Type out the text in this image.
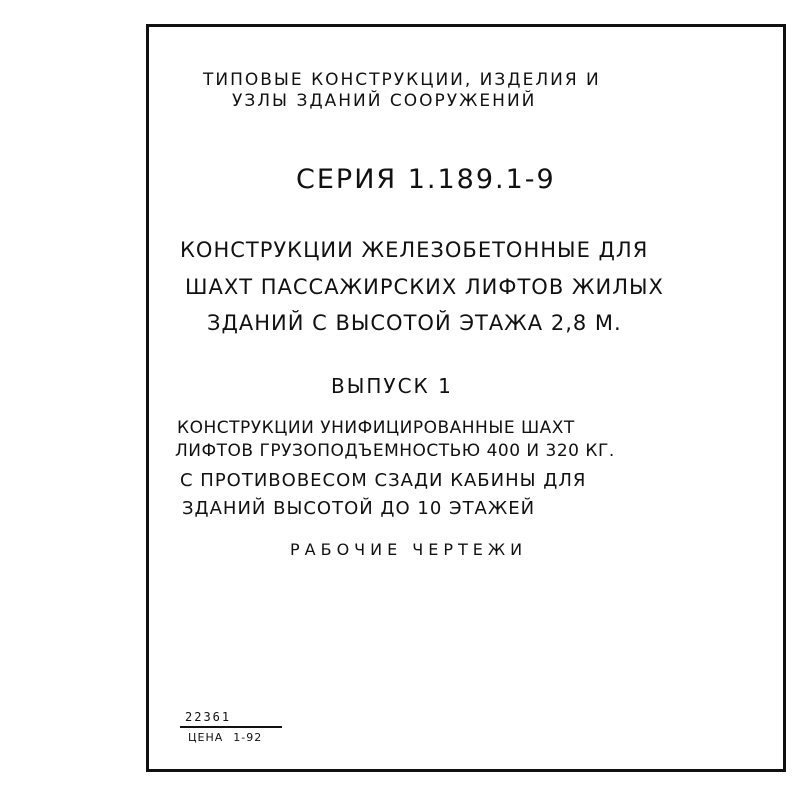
ТИПОВЫЕ КОНСТРУКЦИИ, ИЗДЕЛИЯ И
УЗЛЫ ЗДАНИЙ СООРУЖЕНИЙ
СЕРИЯ 1.189.1-9
КОНСТРУКЦИИ ЖЕЛЕЗОБЕТОННЫЕ ДЛЯ
ШАХТ ПАССАЖИРСКИХ ЛИФТОВ ЖИЛЫХ
ЗДАНИЙ С ВЫСОТОЙ ЭТАЖА 2,8 М.
ВЫПУСК 1
КОНСТРУКЦИИ УНИФИЦИРОВАННЫЕ ШАХТ
ЛИФТОВ ГРУЗОПОДЪЕМНОСТЬЮ 400 И 320 КГ.
С ПРОТИВОВЕСОМ СЗАДИ КАБИНЫ ДЛЯ
ЗДАНИЙ ВЫСОТОЙ ДО 10 ЭТАЖЕЙ
РАБОЧИЕ ЧЕРТЕЖИ
22361
ЦЕНА 1-92
